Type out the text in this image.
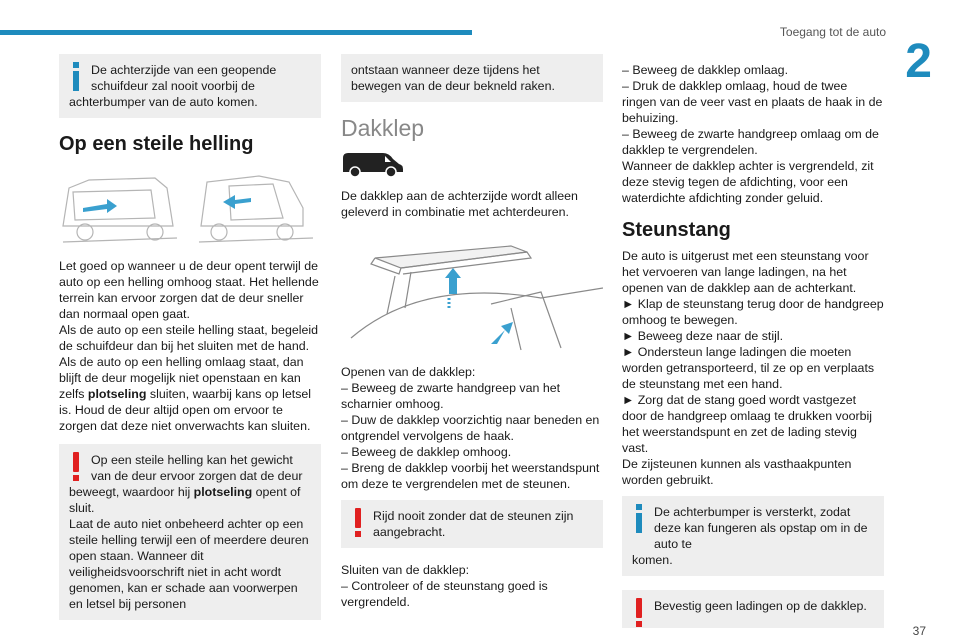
Toegang tot de auto
2
37
De achterzijde van een geopende schuifdeur zal nooit voorbij de
achterbumper van de auto komen.
Op een steile helling

Let goed op wanneer u de deur opent terwijl de auto op een helling omhoog staat. Het hellende terrein kan ervoor zorgen dat de deur sneller dan normaal open gaat.

Als de auto op een steile helling staat, begeleid de schuifdeur dan bij het sluiten met de hand.

Als de auto op een helling omlaag staat, dan blijft de deur mogelijk niet openstaan en kan zelfs plotseling sluiten, waarbij kans op letsel is. Houd de deur altijd open om ervoor te zorgen dat deze niet onverwachts kan sluiten.

Op een steile helling kan het gewicht van de deur ervoor zorgen dat de deur
beweegt, waardoor hij plotseling opent of sluit.

Laat de auto niet onbeheerd achter op een steile helling terwijl een of meerdere deuren open staan. Wanneer dit veiligheidsvoorschrift niet in acht wordt genomen, kan er schade aan voorwerpen en letsel bij personen

ontstaan wanneer deze tijdens het bewegen van de deur bekneld raken.
Dakklep

De dakklep aan de achterzijde wordt alleen geleverd in combinatie met achterdeuren.

Openen van de dakklep:

– Beweeg de zwarte handgreep van het scharnier omhoog.

– Duw de dakklep voorzichtig naar beneden en ontgrendel vervolgens de haak.

– Beweeg de dakklep omhoog.

– Breng de dakklep voorbij het weerstandspunt om deze te vergrendelen met de steunen.

Rijd nooit zonder dat de steunen zijn aangebracht.

Sluiten van de dakklep:

– Controleer of de steunstang goed is vergrendeld.

– Beweeg de dakklep omlaag.

– Druk de dakklep omlaag, houd de twee ringen van de veer vast en plaats de haak in de behuizing.

– Beweeg de zwarte handgreep omlaag om de dakklep te vergrendelen.

Wanneer de dakklep achter is vergrendeld, zit deze stevig tegen de afdichting, voor een waterdichte afdichting zonder geluid.

Steunstang

De auto is uitgerust met een steunstang voor het vervoeren van lange ladingen, na het openen van de dakklep aan de achterkant.

► Klap de steunstang terug door de handgreep omhoog te bewegen.

► Beweeg deze naar de stijl.

► Ondersteun lange ladingen die moeten worden getransporteerd, til ze op en verplaats de steunstang met een hand.

► Zorg dat de stang goed wordt vastgezet door de handgreep omlaag te drukken voorbij het weerstandspunt en zet de lading stevig vast.

De zijsteunen kunnen als vasthaakpunten worden gebruikt.

De achterbumper is versterkt, zodat deze kan fungeren als opstap om in de auto te
komen.
Bevestig geen ladingen op de dakklep.
